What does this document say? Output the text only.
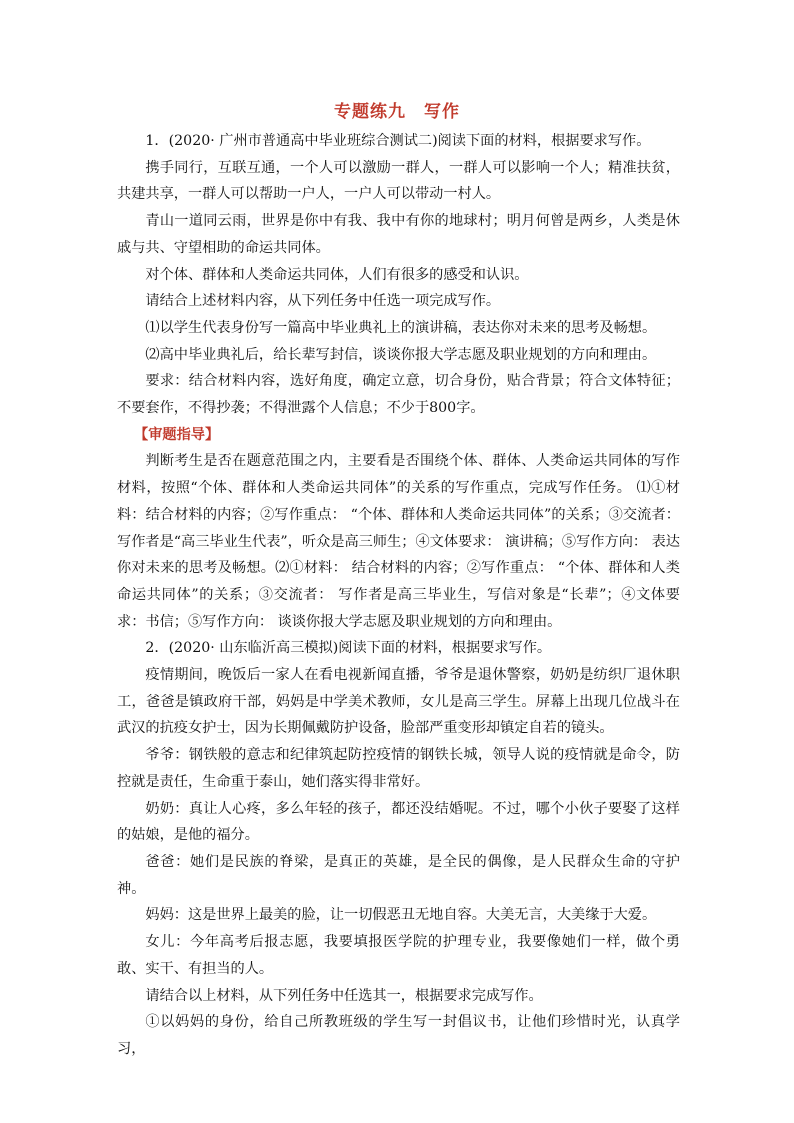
专题练九　写作

1．(2020· 广州市普通高中毕业班综合测试二)阅读下面的材料，根据要求写作。

携手同行，互联互通，一个人可以激励一群人，一群人可以影响一个人；精准扶贫，共建共享，一群人可以帮助一户人，一户人可以带动一村人。

青山一道同云雨，世界是你中有我、我中有你的地球村；明月何曾是两乡，人类是休戚与共、守望相助的命运共同体。

对个体、群体和人类命运共同体，人们有很多的感受和认识。

请结合上述材料内容，从下列任务中任选一项完成写作。

⑴以学生代表身份写一篇高中毕业典礼上的演讲稿，表达你对未来的思考及畅想。

⑵高中毕业典礼后，给长辈写封信，谈谈你报大学志愿及职业规划的方向和理由。

要求：结合材料内容，选好角度，确定立意，切合身份，贴合背景；符合文体特征；不要套作，不得抄袭；不得泄露个人信息；不少于800字。

【审题指导】

判断考生是否在题意范围之内，主要看是否围绕个体、群体、人类命运共同体的写作材料，按照“个体、群体和人类命运共同体”的关系的写作重点，完成写作任务。 ⑴①材料：结合材料的内容；②写作重点： “个体、群体和人类命运共同体”的关系；③交流者： 写作者是“高三毕业生代表”，听众是高三师生；④文体要求： 演讲稿；⑤写作方向： 表达你对未来的思考及畅想。⑵①材料： 结合材料的内容；②写作重点： “个体、群体和人类命运共同体”的关系；③交流者： 写作者是高三毕业生，写信对象是“长辈”；④文体要求：书信；⑤写作方向： 谈谈你报大学志愿及职业规划的方向和理由。

2．(2020· 山东临沂高三模拟)阅读下面的材料，根据要求写作。

疫情期间，晚饭后一家人在看电视新闻直播，爷爷是退休警察，奶奶是纺织厂退休职工，爸爸是镇政府干部，妈妈是中学美术教师，女儿是高三学生。屏幕上出现几位战斗在武汉的抗疫女护士，因为长期佩戴防护设备，脸部严重变形却镇定自若的镜头。

爷爷：钢铁般的意志和纪律筑起防控疫情的钢铁长城，领导人说的疫情就是命令，防控就是责任，生命重于泰山，她们落实得非常好。

奶奶：真让人心疼，多么年轻的孩子，都还没结婚呢。不过，哪个小伙子要娶了这样的姑娘，是他的福分。

爸爸：她们是民族的脊梁，是真正的英雄，是全民的偶像，是人民群众生命的守护神。

妈妈：这是世界上最美的脸，让一切假恶丑无地自容。大美无言，大美缘于大爱。

女儿：今年高考后报志愿，我要填报医学院的护理专业，我要像她们一样，做个勇敢、实干、有担当的人。

请结合以上材料，从下列任务中任选其一，根据要求完成写作。

①以妈妈的身份，给自己所教班级的学生写一封倡议书，让他们珍惜时光，认真学习，
